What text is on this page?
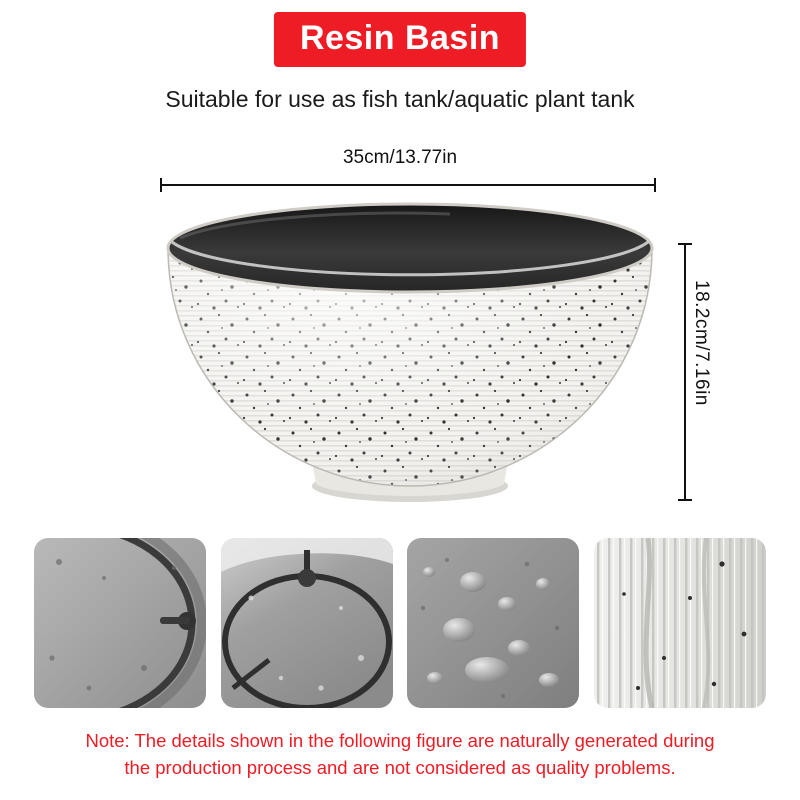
Resin Basin
Suitable for use as fish tank/aquatic plant tank
35cm/13.77in
18.2cm/7.16in
Note: The details shown in the following figure are naturally generated during
the production process and are not considered as quality problems.
